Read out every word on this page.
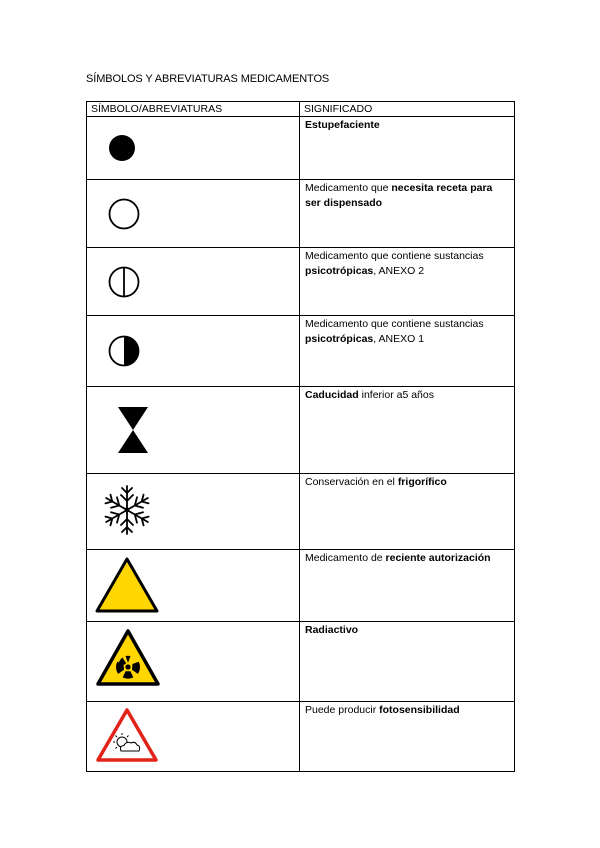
SÍMBOLOS Y ABREVIATURAS MEDICAMENTOS
SÍMBOLO/ABREVIATURAS	SIGNIFICADO

	Estupefaciente

	Medicamento que necesita receta para ser dispensado

	Medicamento que contiene sustancias psicotrópicas, ANEXO 2

	Medicamento que contiene sustancias psicotrópicas, ANEXO 1

	Caducidad inferior a5 años

	Conservación en el frigorífico

	Medicamento de reciente autorización

	Radiactivo

	Puede producir fotosensibilidad
